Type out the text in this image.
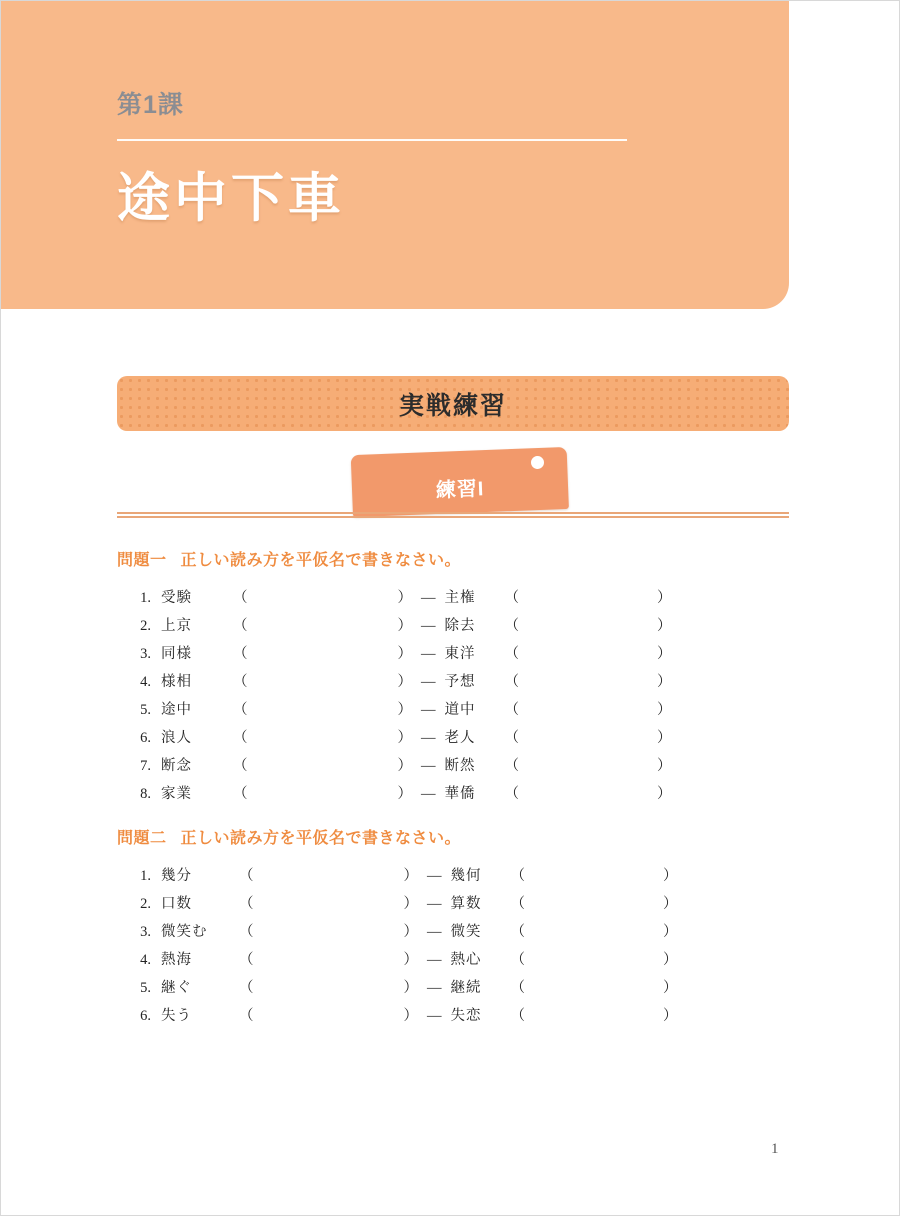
第1課
途中下車
実戦練習
練習I
問題一 正しい読み方を平仮名で書きなさい。
1. 受験	（	） — 主権	（	）
2. 上京	（	） — 除去	（	）
3. 同様	（	） — 東洋	（	）
4. 様相	（	） — 予想	（	）
5. 途中	（	） — 道中	（	）
6. 浪人	（	） — 老人	（	）
7. 断念	（	） — 断然	（	）
8. 家業	（	） — 華僑	（	）
問題二 正しい読み方を平仮名で書きなさい。
1. 幾分	（	） — 幾何	（	）
2. 口数	（	） — 算数	（	）
3. 微笑む	（	） — 微笑	（	）
4. 熱海	（	） — 熱心	（	）
5. 継ぐ	（	） — 継続	（	）
6. 失う	（	） — 失恋	（	）
1
